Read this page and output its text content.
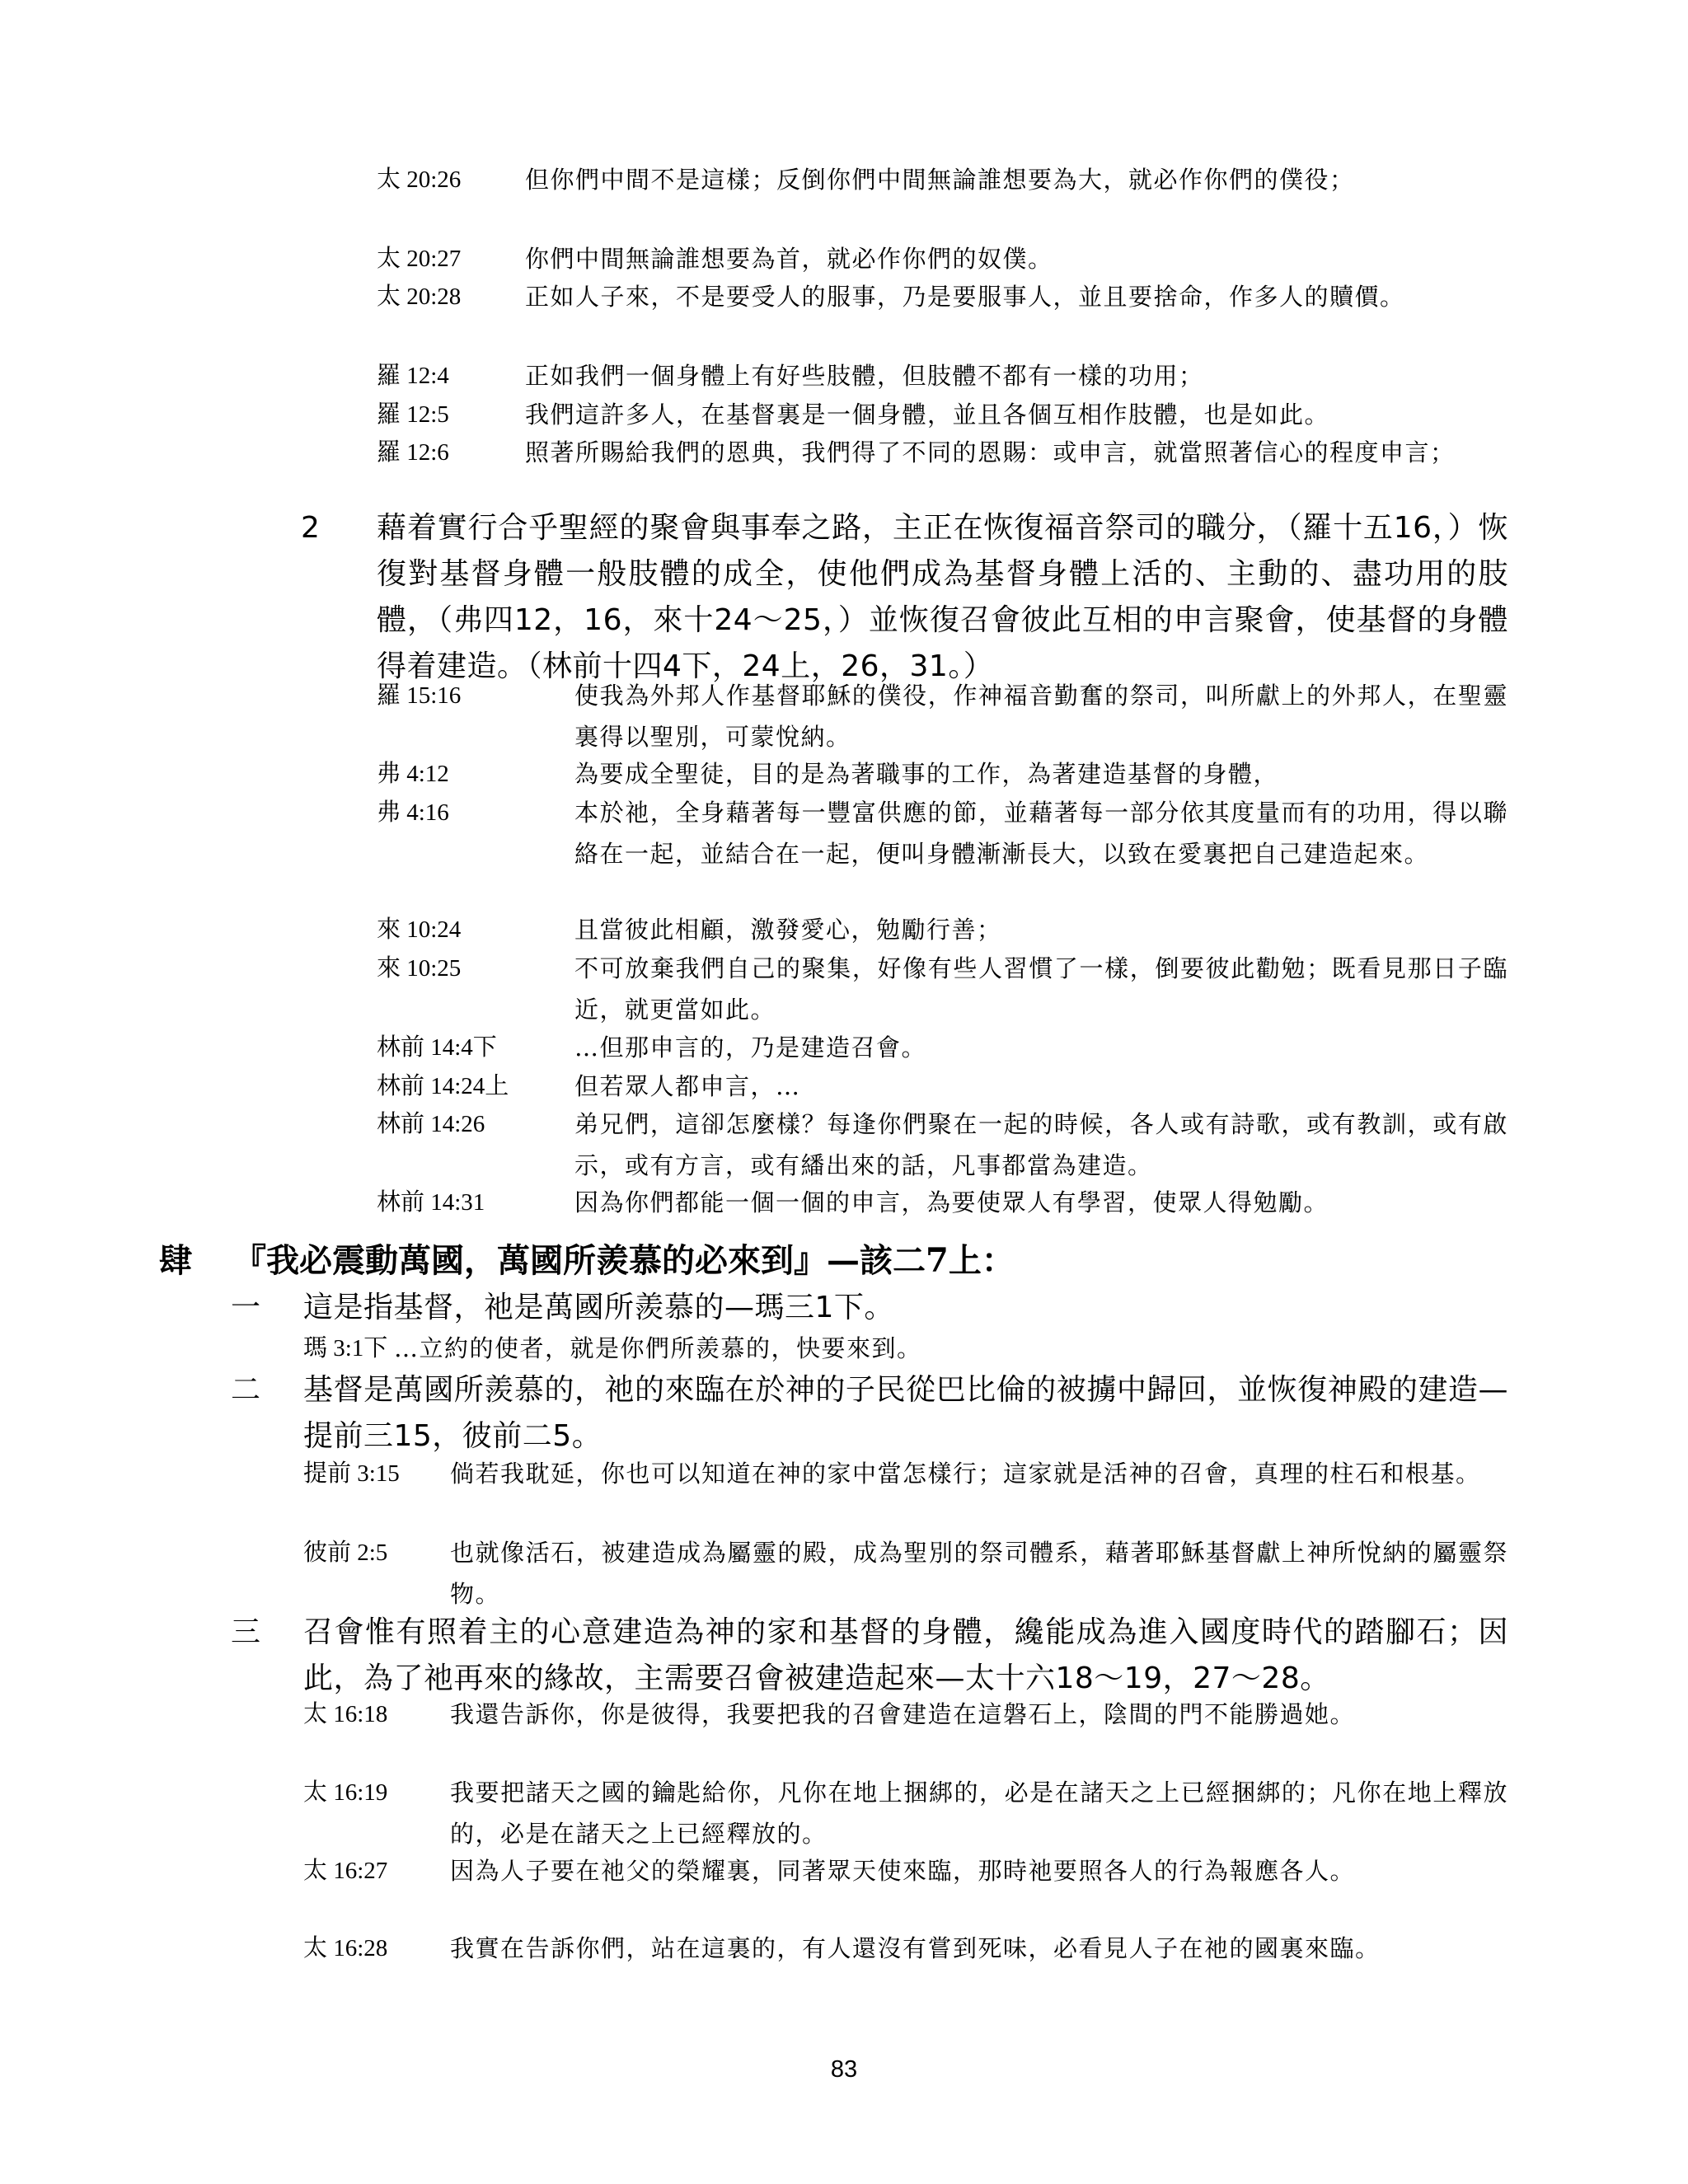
太 20:26	但你們中間不是這樣；反倒你們中間無論誰想要為大，就必作你們的僕役；
太 20:27	你們中間無論誰想要為首，就必作你們的奴僕。
太 20:28	正如人子來，不是要受人的服事，乃是要服事人，並且要捨命，作多人的贖價。
羅 12:4	正如我們一個身體上有好些肢體，但肢體不都有一樣的功用；
羅 12:5	我們這許多人，在基督裏是一個身體，並且各個互相作肢體，也是如此。
羅 12:6	照著所賜給我們的恩典，我們得了不同的恩賜：或申言，就當照著信心的程度申言；
2	藉着實行合乎聖經的聚會與事奉之路，主正在恢復福音祭司的職分，（羅十五16，）恢復對基督身體一般肢體的成全，使他們成為基督身體上活的、主動的、盡功用的肢體，（弗四12，16，來十24～25，）並恢復召會彼此互相的申言聚會，使基督的身體得着建造。（林前十四4下，24上，26，31。）
羅 15:16	使我為外邦人作基督耶穌的僕役，作神福音勤奮的祭司，叫所獻上的外邦人，在聖靈裏得以聖別，可蒙悅納。
弗 4:12	為要成全聖徒，目的是為著職事的工作，為著建造基督的身體，
弗 4:16	本於祂，全身藉著每一豐富供應的節，並藉著每一部分依其度量而有的功用，得以聯絡在一起，並結合在一起，便叫身體漸漸長大，以致在愛裏把自己建造起來。
來 10:24	且當彼此相顧，激發愛心，勉勵行善；
來 10:25	不可放棄我們自己的聚集，好像有些人習慣了一樣，倒要彼此勸勉；既看見那日子臨近，就更當如此。
林前 14:4下	…但那申言的，乃是建造召會。
林前 14:24上	但若眾人都申言，…
林前 14:26	弟兄們，這卻怎麼樣？每逢你們聚在一起的時候，各人或有詩歌，或有教訓，或有啟示，或有方言，或有繙出來的話，凡事都當為建造。
林前 14:31	因為你們都能一個一個的申言，為要使眾人有學習，使眾人得勉勵。
肆	『我必震動萬國，萬國所羨慕的必來到』—該二7上：
一	這是指基督，祂是萬國所羨慕的—瑪三1下。
瑪 3:1下 …立約的使者，就是你們所羨慕的，快要來到。
二	基督是萬國所羨慕的，祂的來臨在於神的子民從巴比倫的被擄中歸回，並恢復神殿的建造—提前三15，彼前二5。
提前 3:15	倘若我耽延，你也可以知道在神的家中當怎樣行；這家就是活神的召會，真理的柱石和根基。
彼前 2:5	也就像活石，被建造成為屬靈的殿，成為聖別的祭司體系，藉著耶穌基督獻上神所悅納的屬靈祭物。
三	召會惟有照着主的心意建造為神的家和基督的身體，纔能成為進入國度時代的踏腳石；因此，為了祂再來的緣故，主需要召會被建造起來—太十六18～19，27～28。
太 16:18	我還告訴你，你是彼得，我要把我的召會建造在這磐石上，陰間的門不能勝過她。
太 16:19	我要把諸天之國的鑰匙給你，凡你在地上捆綁的，必是在諸天之上已經捆綁的；凡你在地上釋放的，必是在諸天之上已經釋放的。
太 16:27	因為人子要在祂父的榮耀裏，同著眾天使來臨，那時祂要照各人的行為報應各人。
太 16:28	我實在告訴你們，站在這裏的，有人還沒有嘗到死味，必看見人子在祂的國裏來臨。
83
